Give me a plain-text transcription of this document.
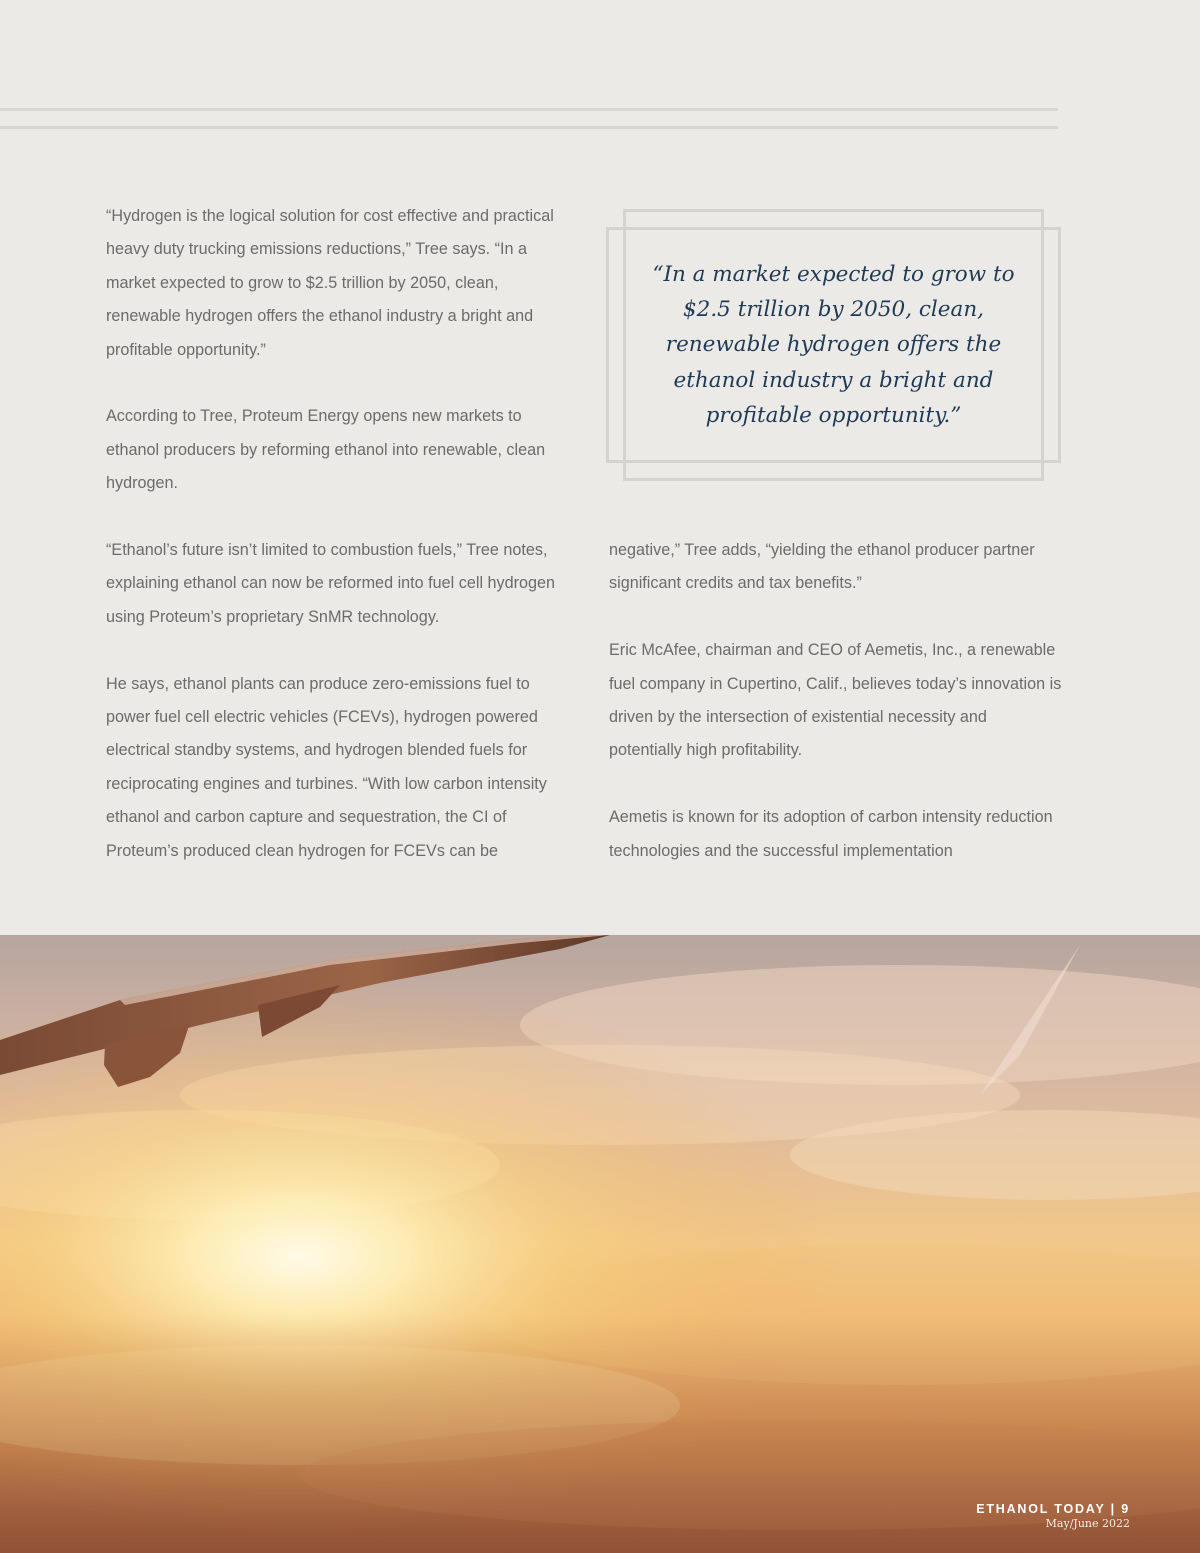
“Hydrogen is the logical solution for cost effective and practical heavy duty trucking emissions reductions,” Tree says. “In a market expected to grow to $2.5 trillion by 2050, clean, renewable hydrogen offers the ethanol industry a bright and profitable opportunity.”

According to Tree, Proteum Energy opens new markets to ethanol producers by reforming ethanol into renewable, clean hydrogen.

“Ethanol’s future isn’t limited to combustion fuels,” Tree notes, explaining ethanol can now be reformed into fuel cell hydrogen using Proteum’s proprietary SnMR technology.

He says, ethanol plants can produce zero-emissions fuel to power fuel cell electric vehicles (FCEVs), hydrogen powered electrical standby systems, and hydrogen blended fuels for reciprocating engines and turbines. “With low carbon intensity ethanol and carbon capture and sequestration, the CI of Proteum’s produced clean hydrogen for FCEVs can be

“In a market expected to grow to $2.5 trillion by 2050, clean, renewable hydrogen offers the ethanol industry a bright and profitable opportunity.”

negative,” Tree adds, “yielding the ethanol producer partner significant credits and tax benefits.”

Eric McAfee, chairman and CEO of Aemetis, Inc., a renewable fuel company in Cupertino, Calif., believes today’s innovation is driven by the intersection of existential necessity and potentially high profitability.

Aemetis is known for its adoption of carbon intensity reduction technologies and the successful implementation

ETHANOL TODAY | 9
May/June 2022
